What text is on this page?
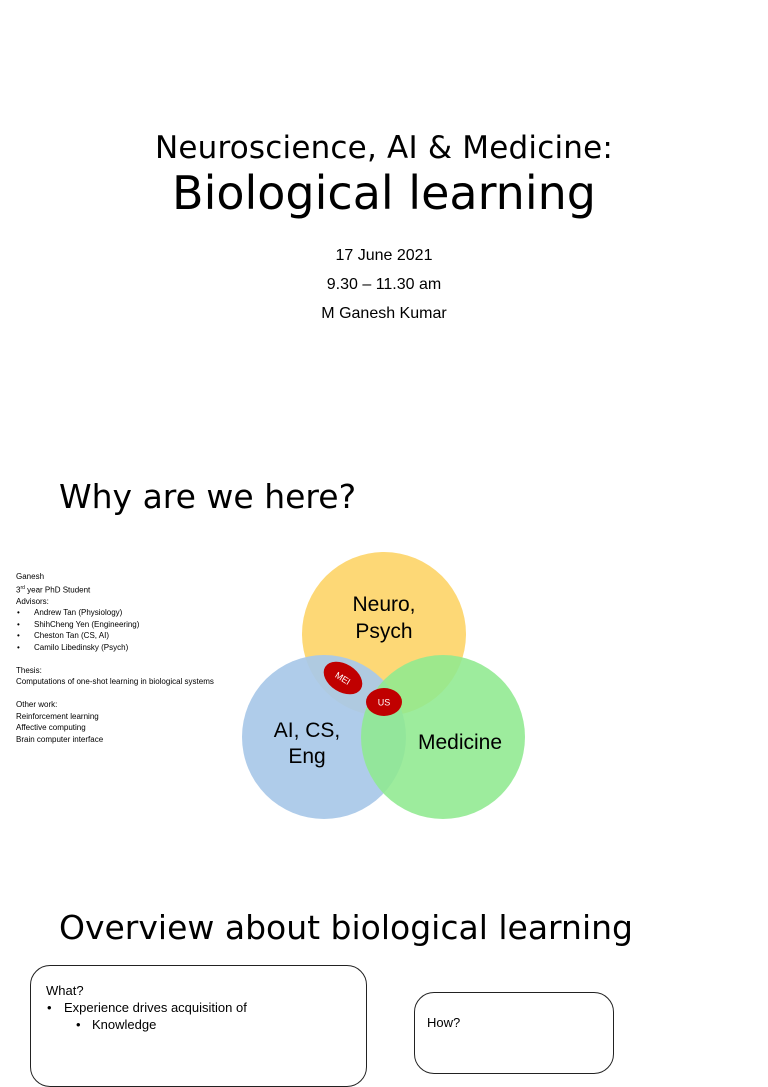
Neuroscience, AI & Medicine:
Biological learning
17 June 2021
9.30 – 11.30 am
M Ganesh Kumar
Why are we here?
Ganesh
3rd year PhD Student
Advisors:
• Andrew Tan (Physiology)
• ShihCheng Yen (Engineering)
• Cheston Tan (CS, AI)
• Camilo Libedinsky (Psych)
Thesis:
Computations of one-shot learning in biological systems
Other work:
Reinforcement learning
Affective computing
Brain computer interface
Neuro,
Psych
AI, CS,
Eng
Medicine
MEI
US
Overview about biological learning
What?
• Experience drives acquisition of
• Knowledge	How?
